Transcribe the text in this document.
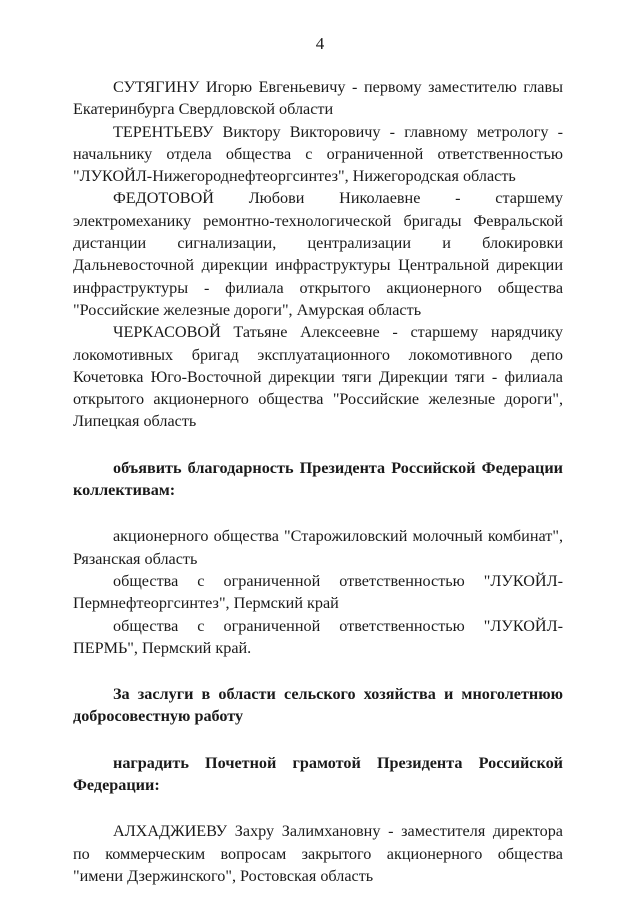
4

СУТЯГИНУ Игорю Евгеньевичу - первому заместителю главы
Екатеринбурга Свердловской области

ТЕРЕНТЬЕВУ Виктору Викторовичу - главному метрологу -
начальнику отдела общества с ограниченной ответственностью
"ЛУКОЙЛ-Нижегороднефтеоргсинтез", Нижегородская область

ФЕДОТОВОЙ Любови Николаевне - старшему
электромеханику ремонтно-технологической бригады Февральской
дистанции сигнализации, централизации и блокировки
Дальневосточной дирекции инфраструктуры Центральной дирекции
инфраструктуры - филиала открытого акционерного общества
"Российские железные дороги", Амурская область

ЧЕРКАСОВОЙ Татьяне Алексеевне - старшему нарядчику
локомотивных бригад эксплуатационного локомотивного депо
Кочетовка Юго-Восточной дирекции тяги Дирекции тяги - филиала
открытого акционерного общества "Российские железные дороги",
Липецкая область

объявить благодарность Президента Российской Федерации
коллективам:

акционерного общества "Старожиловский молочный комбинат",
Рязанская область

общества с ограниченной ответственностью "ЛУКОЙЛ-
Пермнефтеоргсинтез", Пермский край

общества с ограниченной ответственностью "ЛУКОЙЛ-
ПЕРМЬ", Пермский край.

За заслуги в области сельского хозяйства и многолетнюю
добросовестную работу

наградить Почетной грамотой Президента Российской
Федерации:

АЛХАДЖИЕВУ Захру Залимхановну - заместителя директора
по коммерческим вопросам закрытого акционерного общества
"имени Дзержинского", Ростовская область
